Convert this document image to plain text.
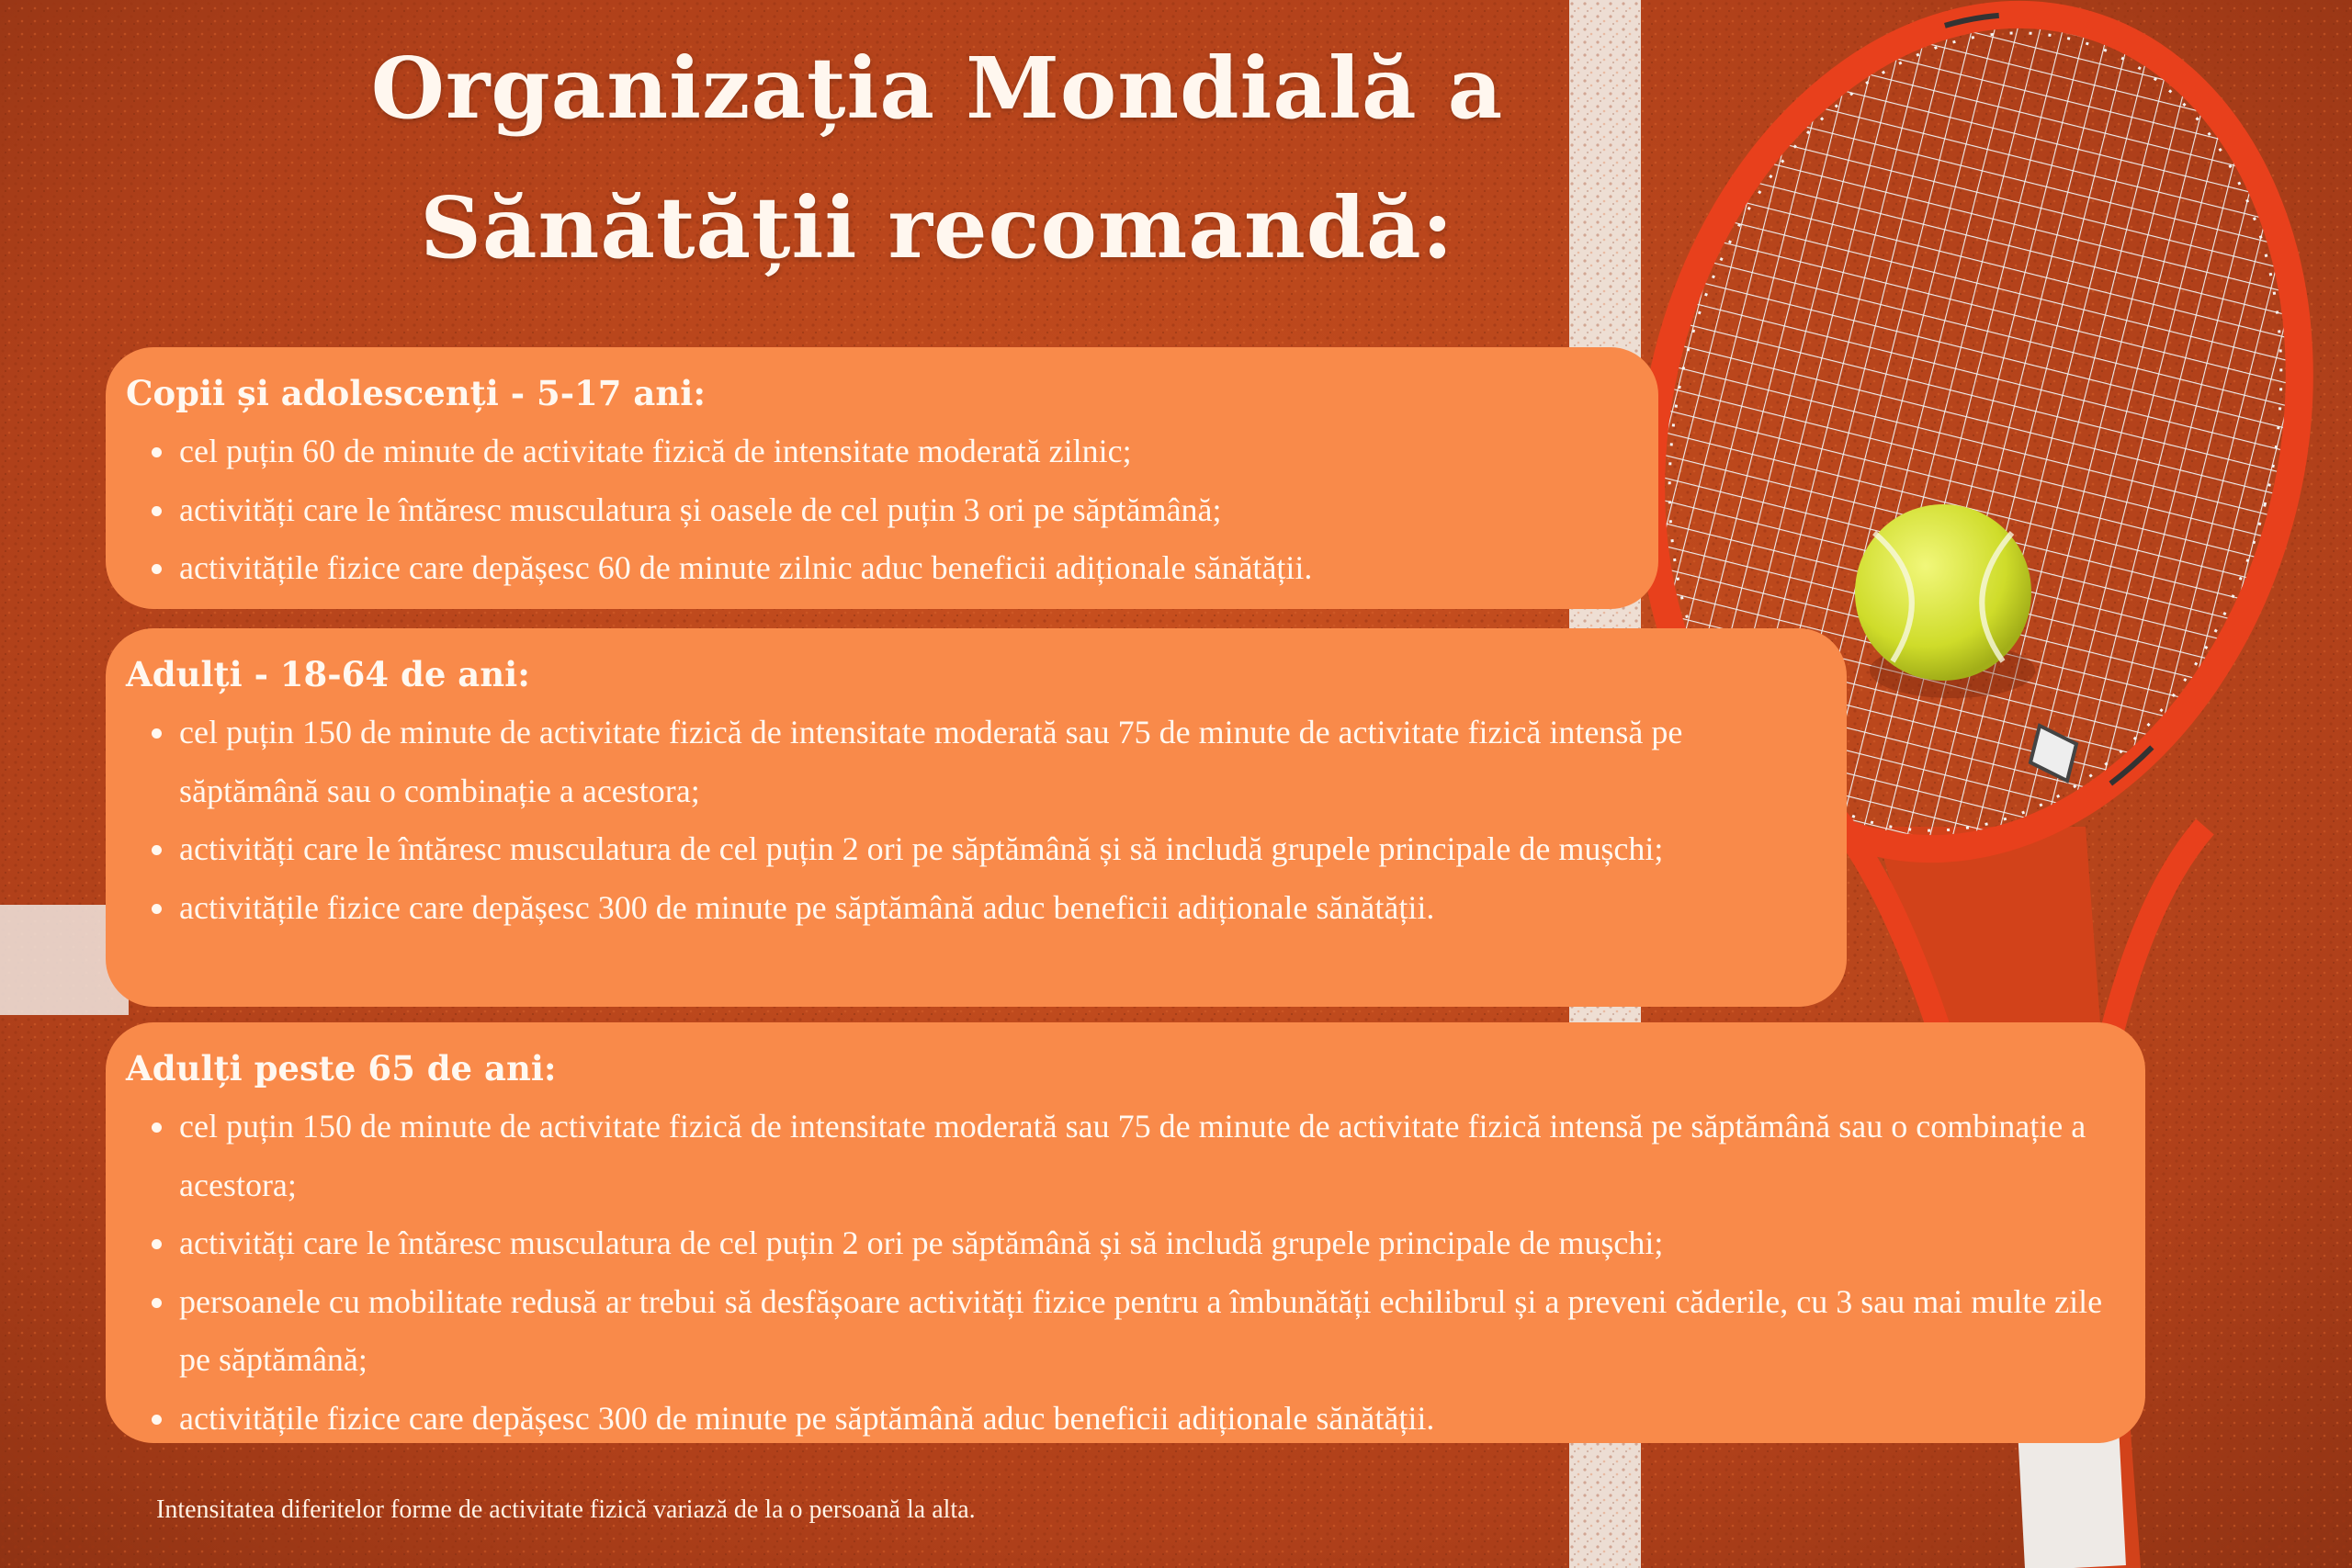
Organizația Mondială a
Sănătății recomandă:
Copii și adolescenți - 5-17 ani:
cel puțin 60 de minute de activitate fizică de intensitate moderată zilnic;
activități care le întăresc musculatura și oasele de cel puțin 3 ori pe săptămână;
activitățile fizice care depășesc 60 de minute zilnic aduc beneficii adiționale sănătății.
Adulți - 18-64 de ani:
cel puțin 150 de minute de activitate fizică de intensitate moderată sau 75 de minute de activitate fizică intensă pe săptămână sau o combinație a acestora;
activități care le întăresc musculatura de cel puțin 2 ori pe săptămână și să includă grupele principale de mușchi;
activitățile fizice care depășesc 300 de minute pe săptămână aduc beneficii adiționale sănătății.
Adulți peste 65 de ani:
cel puțin 150 de minute de activitate fizică de intensitate moderată sau 75 de minute de activitate fizică intensă pe săptămână sau o combinație a acestora;
activități care le întăresc musculatura de cel puțin 2 ori pe săptămână și să includă grupele principale de mușchi;
persoanele cu mobilitate redusă ar trebui să desfășoare activități fizice pentru a îmbunătăți echilibrul și a preveni căderile, cu 3 sau mai multe zile pe săptămână;
activitățile fizice care depășesc 300 de minute pe săptămână aduc beneficii adiționale sănătății.
Intensitatea diferitelor forme de activitate fizică variază de la o persoană la alta.
